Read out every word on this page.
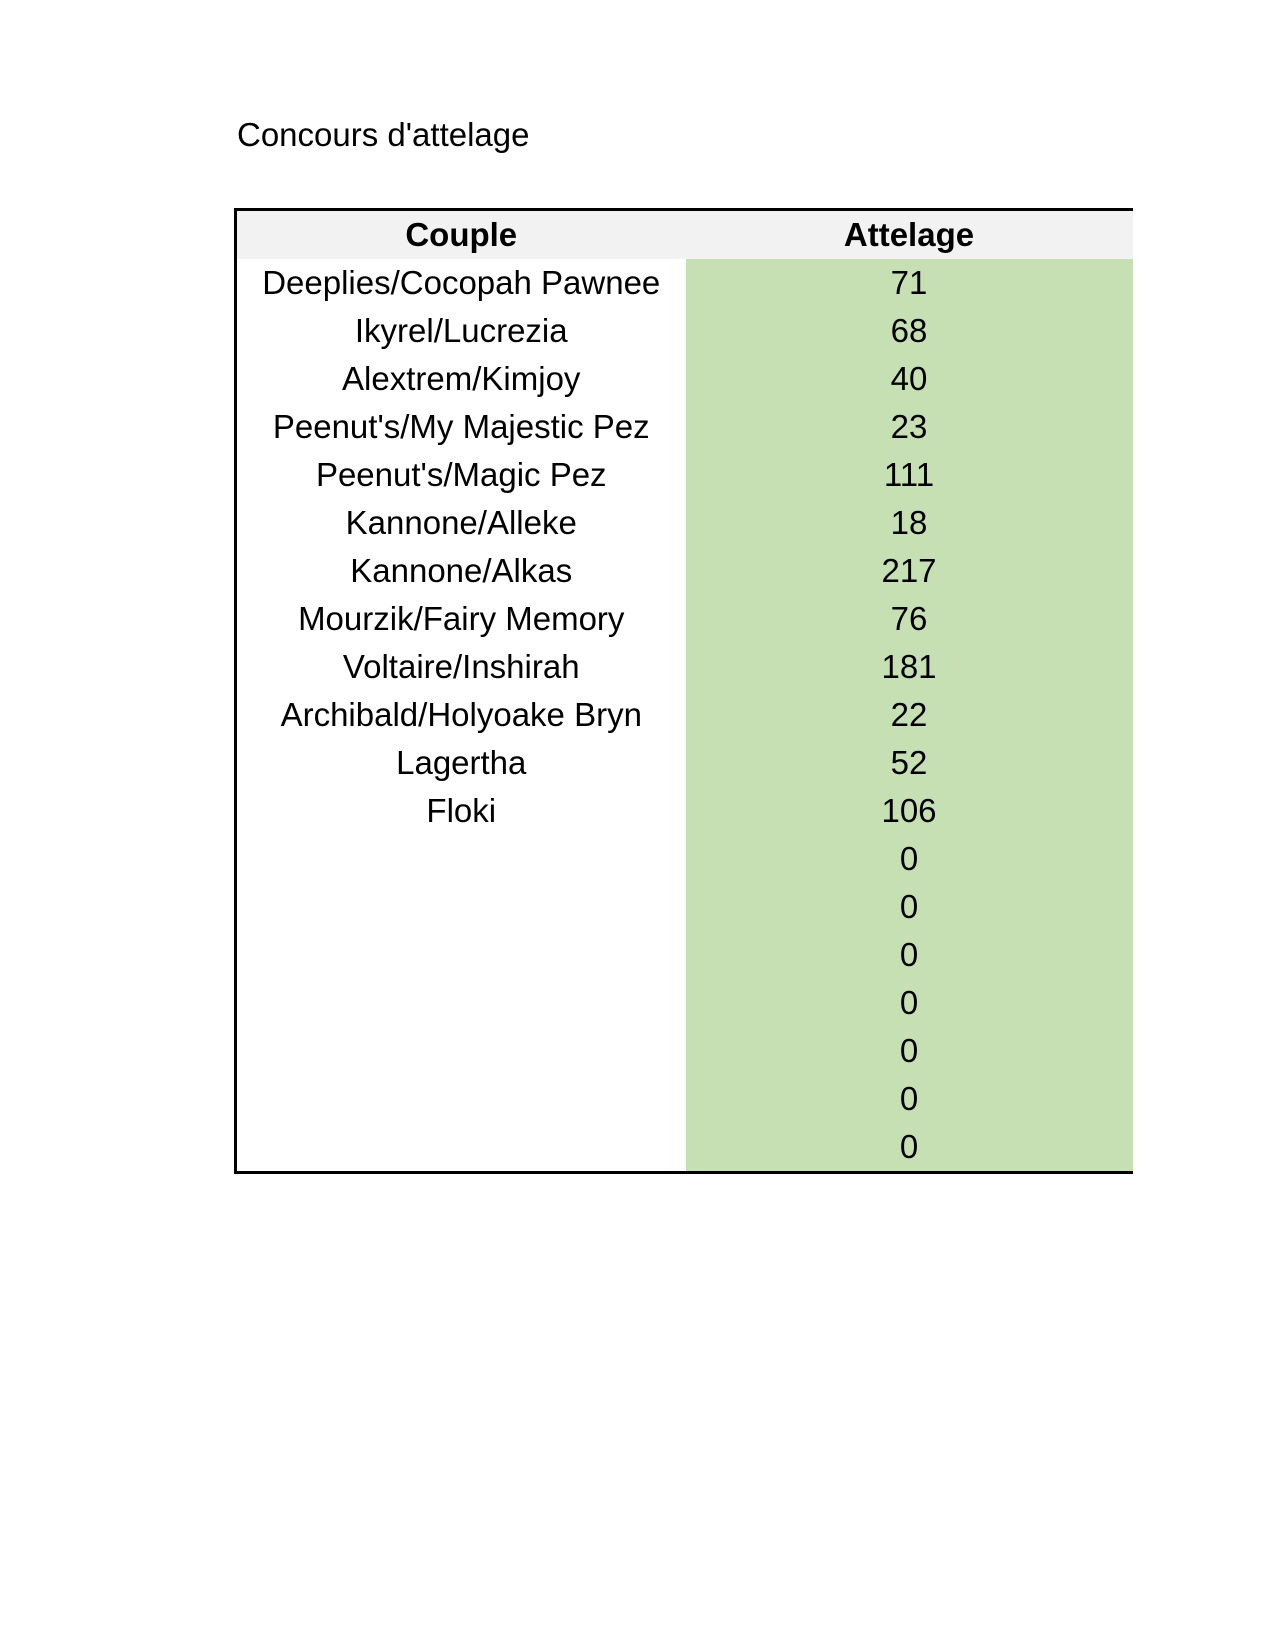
Concours d'attelage
Couple	Attelage
Deeplies/Cocopah Pawnee	71
Ikyrel/Lucrezia	68
Alextrem/Kimjoy	40
Peenut's/My Majestic Pez	23
Peenut's/Magic Pez	111
Kannone/Alleke	18
Kannone/Alkas	217
Mourzik/Fairy Memory	76
Voltaire/Inshirah	181
Archibald/Holyoake Bryn	22
Lagertha	52
Floki	106
	0
	0
	0
	0
	0
	0
	0
